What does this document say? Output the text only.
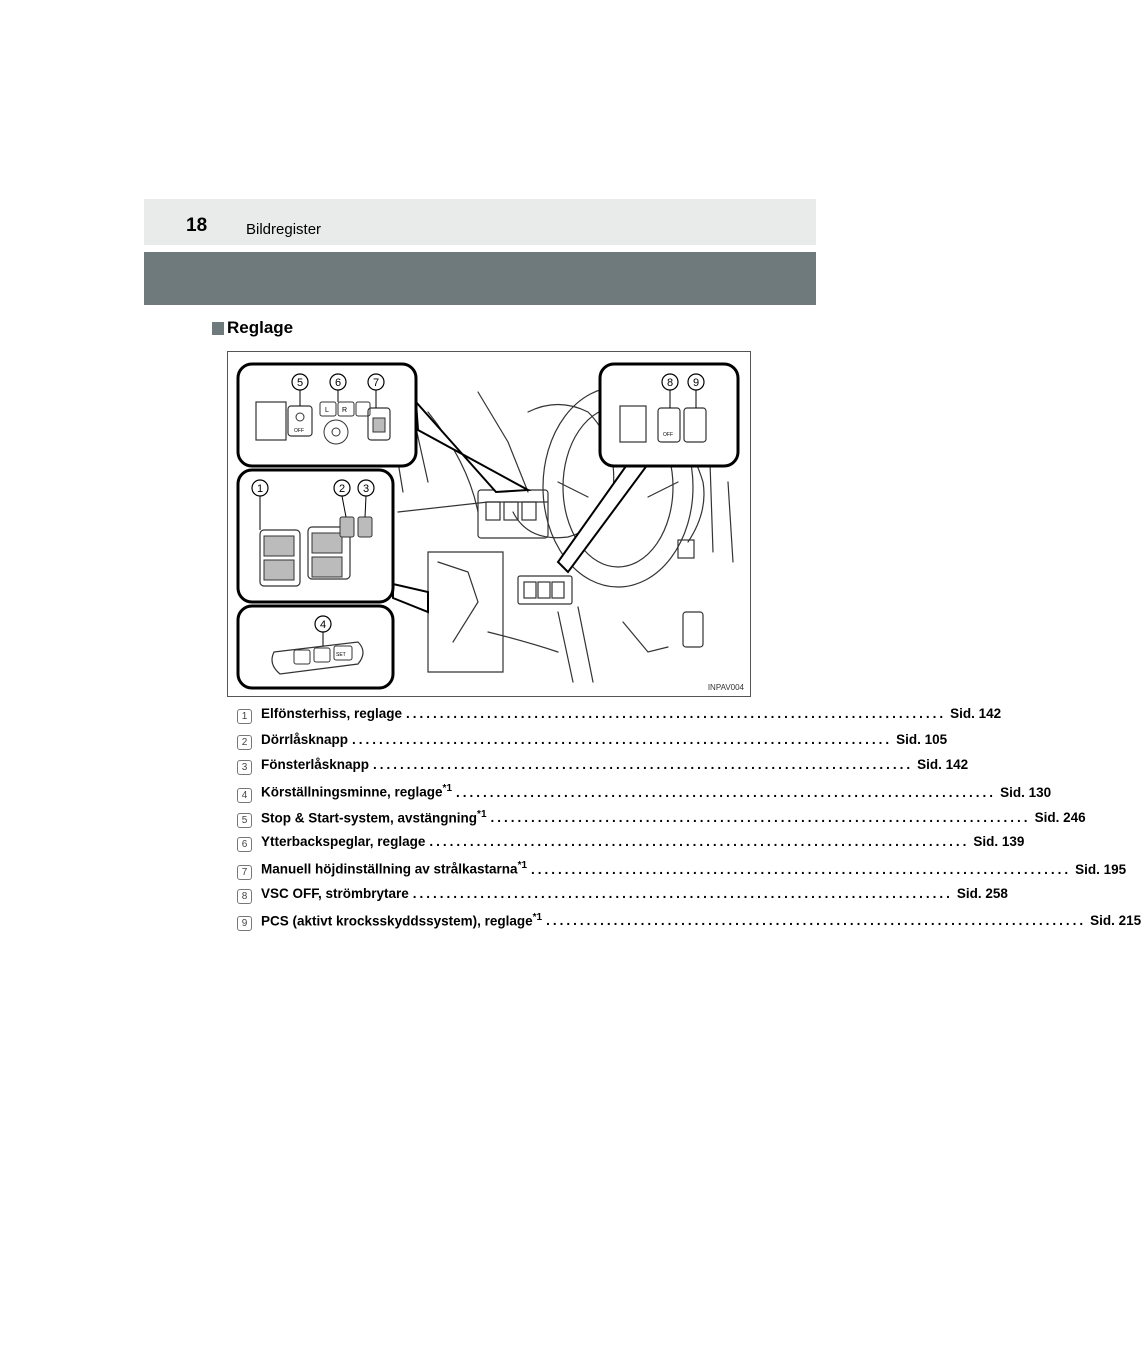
18	Bildregister
Reglage
OFF
L R
5	6	7
OFF
8 9
1	2 3
SET
4
INPAV004
1	Elfönsterhiss, reglage ................................................................................ Sid. 142
2	Dörrlåsknapp ................................................................................ Sid. 105
3	Fönsterlåsknapp ................................................................................ Sid. 142
4	Körställningsminne, reglage$^{*1}$ ................................................................................ Sid. 130
5	Stop & Start-system, avstängning$^{*1}$ ................................................................................ Sid. 246
6	Ytterbackspeglar, reglage ................................................................................ Sid. 139
7	Manuell höjdinställning av strålkastarna$^{*1}$ ................................................................................ Sid. 195
8	VSC OFF, strömbrytare ................................................................................ Sid. 258
9	PCS (aktivt krocksskyddssystem), reglage$^{*1}$ ................................................................................ Sid. 215
